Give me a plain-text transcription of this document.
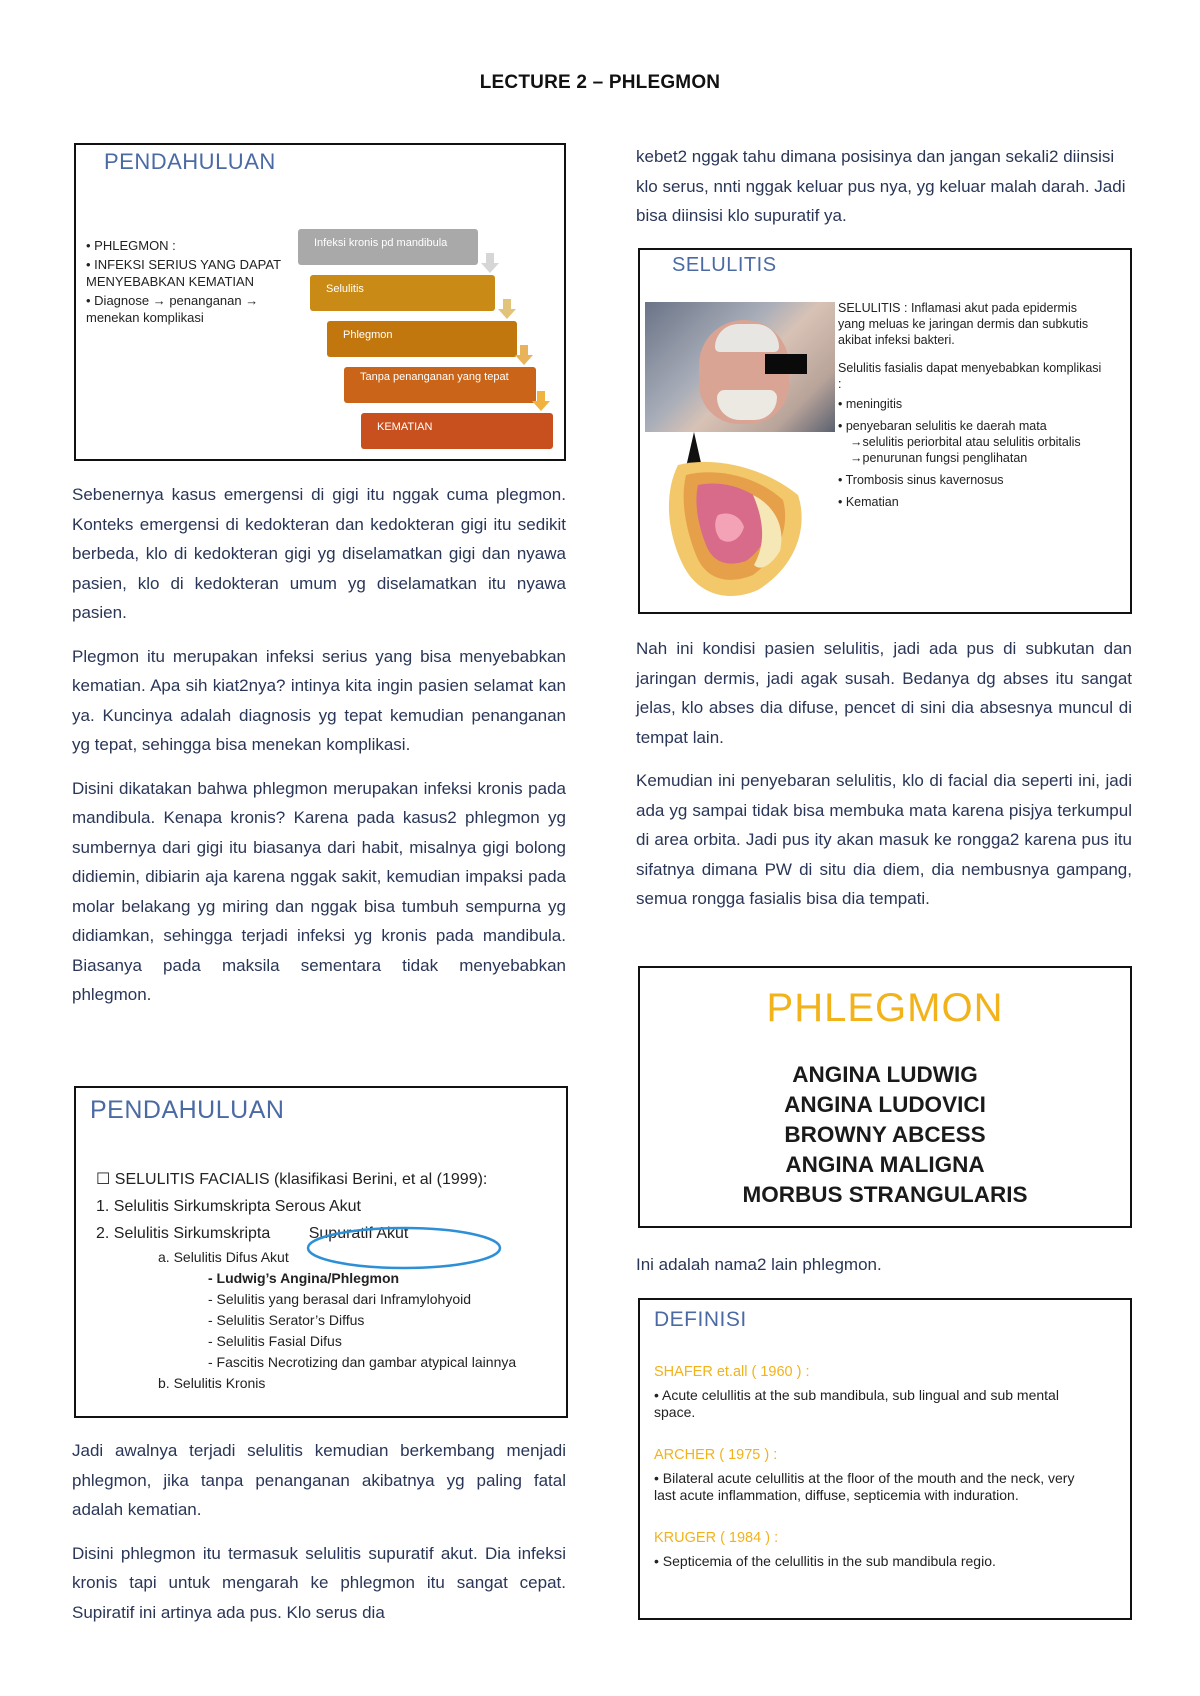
LECTURE 2 – PHLEGMON
PENDAHULUAN
• PHLEGMON :
• INFEKSI SERIUS YANG DAPAT MENYEBABKAN KEMATIAN
• Diagnose → penanganan → menekan komplikasi
Infeksi kronis pd mandibula
Selulitis
Phlegmon
Tanpa penanganan yang tepat
KEMATIAN

Sebenernya kasus emergensi di gigi itu nggak cuma plegmon. Konteks emergensi di kedokteran dan kedokteran gigi itu sedikit berbeda, klo di kedokteran gigi yg diselamatkan gigi dan nyawa pasien, klo di kedokteran umum yg diselamatkan itu nyawa pasien.

Plegmon itu merupakan infeksi serius yang bisa menyebabkan kematian. Apa sih kiat2nya? intinya kita ingin pasien selamat kan ya. Kuncinya adalah diagnosis yg tepat kemudian penanganan yg tepat, sehingga bisa menekan komplikasi.

Disini dikatakan bahwa phlegmon merupakan infeksi kronis pada mandibula. Kenapa kronis? Karena pada kasus2 phlegmon yg sumbernya dari gigi itu biasanya dari habit, misalnya gigi bolong didiemin, dibiarin aja karena nggak sakit, kemudian impaksi pada molar belakang yg miring dan nggak bisa tumbuh sempurna yg didiamkan, sehingga terjadi infeksi yg kronis pada mandibula. Biasanya pada maksila sementara tidak menyebabkan phlegmon.

PENDAHULUAN
☐ SELULITIS FACIALIS (klasifikasi Berini, et al (1999):
1. Selulitis Sirkumskripta Serous Akut
2. Selulitis Sirkumskripta Supuratif Akut
a. Selulitis Difus Akut
- Ludwig’s Angina/Phlegmon
- Selulitis yang berasal dari Inframylohyoid
- Selulitis Serator’s Diffus
- Selulitis Fasial Difus
- Fascitis Necrotizing dan gambar atypical lainnya
b. Selulitis Kronis

Jadi awalnya terjadi selulitis kemudian berkembang menjadi phlegmon, jika tanpa penanganan akibatnya yg paling fatal adalah kematian.

Disini phlegmon itu termasuk selulitis supuratif akut. Dia infeksi kronis tapi untuk mengarah ke phlegmon itu sangat cepat. Supiratif ini artinya ada pus. Klo serus dia

kebet2 nggak tahu dimana posisinya dan jangan sekali2 diinsisi klo serus, nnti nggak keluar pus nya, yg keluar malah darah. Jadi bisa diinsisi klo supuratif ya.

SELULITIS
SELULITIS : Inflamasi akut pada epidermis yang meluas ke jaringan dermis dan subkutis akibat infeksi bakteri.
Selulitis fasialis dapat menyebabkan komplikasi :
• meningitis
• penyebaran selulitis ke daerah mata
→selulitis periorbital atau selulitis orbitalis
→penurunan fungsi penglihatan
• Trombosis sinus kavernosus
• Kematian

Nah ini kondisi pasien selulitis, jadi ada pus di subkutan dan jaringan dermis, jadi agak susah. Bedanya dg abses itu sangat jelas, klo abses dia difuse, pencet di sini dia absesnya muncul di tempat lain.

Kemudian ini penyebaran selulitis, klo di facial dia seperti ini, jadi ada yg sampai tidak bisa membuka mata karena pisjya terkumpul di area orbita. Jadi pus ity akan masuk ke rongga2 karena pus itu sifatnya dimana PW di situ dia diem, dia nembusnya gampang, semua rongga fasialis bisa dia tempati.

PHLEGMON
ANGINA LUDWIG
ANGINA LUDOVICI
BROWNY ABCESS
ANGINA MALIGNA
MORBUS STRANGULARIS

Ini adalah nama2 lain phlegmon.

DEFINISI
SHAFER et.all ( 1960 ) :
• Acute celullitis at the sub mandibula, sub lingual and sub mental space.
ARCHER ( 1975 ) :
• Bilateral acute celullitis at the floor of the mouth and the neck, very last acute inflammation, diffuse, septicemia with induration.
KRUGER ( 1984 ) :
• Septicemia of the celullitis in the sub mandibula regio.
